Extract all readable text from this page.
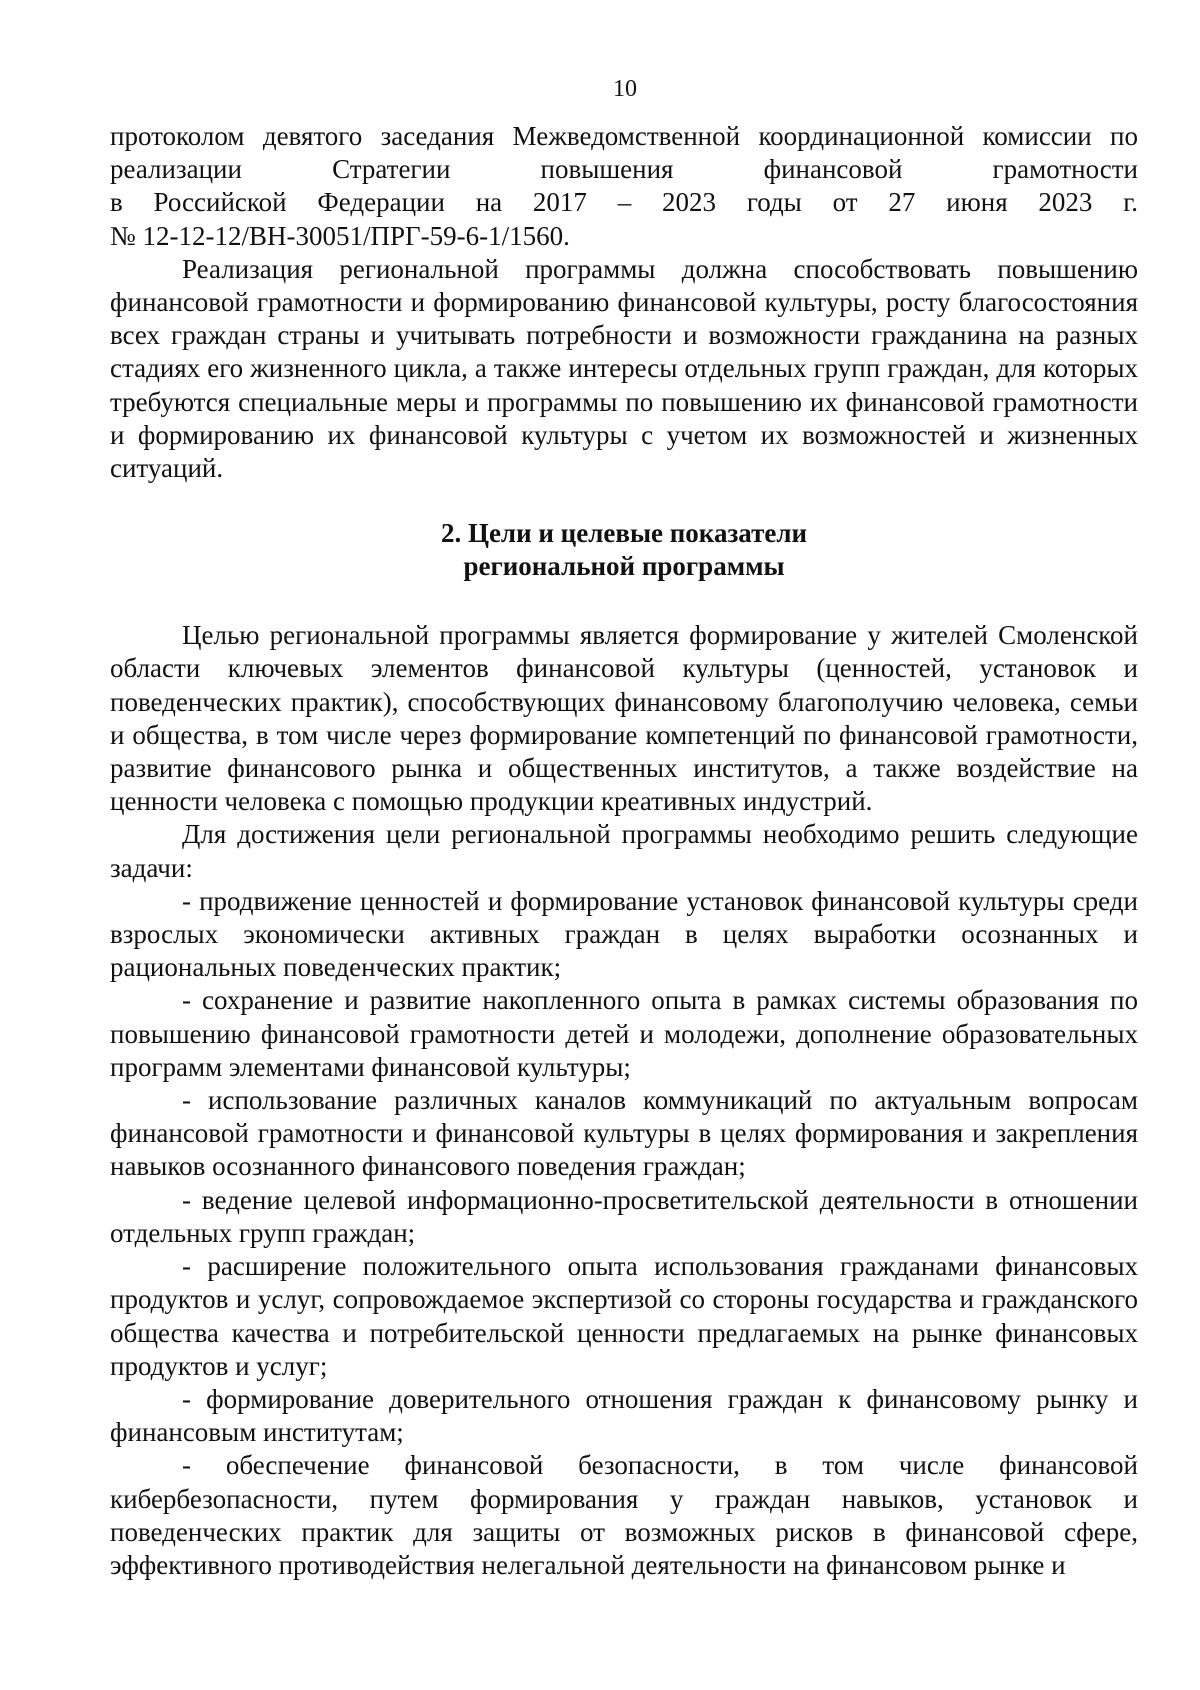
10
протоколом девятого заседания Межведомственной координационной комиссии по
реализации Стратегии повышения финансовой грамотности
в Российской Федерации на 2017 – 2023 годы от 27 июня 2023 г.
№ 12-12-12/ВН-30051/ПРГ-59-6-1/1560.

Реализация региональной программы должна способствовать повышению финансовой грамотности и формированию финансовой культуры, росту благосостояния всех граждан страны и учитывать потребности и возможности гражданина на разных стадиях его жизненного цикла, а также интересы отдельных групп граждан, для которых требуются специальные меры и программы по повышению их финансовой грамотности и формированию их финансовой культуры с учетом их возможностей и жизненных ситуаций.

2. Цели и целевые показатели
региональной программы

Целью региональной программы является формирование у жителей Смоленской области ключевых элементов финансовой культуры (ценностей, установок и поведенческих практик), способствующих финансовому благополучию человека, семьи и общества, в том числе через формирование компетенций по финансовой грамотности, развитие финансового рынка и общественных институтов, а также воздействие на ценности человека с помощью продукции креативных индустрий.

Для достижения цели региональной программы необходимо решить следующие задачи:

- продвижение ценностей и формирование установок финансовой культуры среди взрослых экономически активных граждан в целях выработки осознанных и рациональных поведенческих практик;

- сохранение и развитие накопленного опыта в рамках системы образования по повышению финансовой грамотности детей и молодежи, дополнение образовательных программ элементами финансовой культуры;

- использование различных каналов коммуникаций по актуальным вопросам финансовой грамотности и финансовой культуры в целях формирования и закрепления навыков осознанного финансового поведения граждан;

- ведение целевой информационно-просветительской деятельности в отношении отдельных групп граждан;

- расширение положительного опыта использования гражданами финансовых продуктов и услуг, сопровождаемое экспертизой со стороны государства и гражданского общества качества и потребительской ценности предлагаемых на рынке финансовых продуктов и услуг;

- формирование доверительного отношения граждан к финансовому рынку и финансовым институтам;

- обеспечение финансовой безопасности, в том числе финансовой кибербезопасности, путем формирования у граждан навыков, установок и поведенческих практик для защиты от возможных рисков в финансовой сфере, эффективного противодействия нелегальной деятельности на финансовом рынке и
